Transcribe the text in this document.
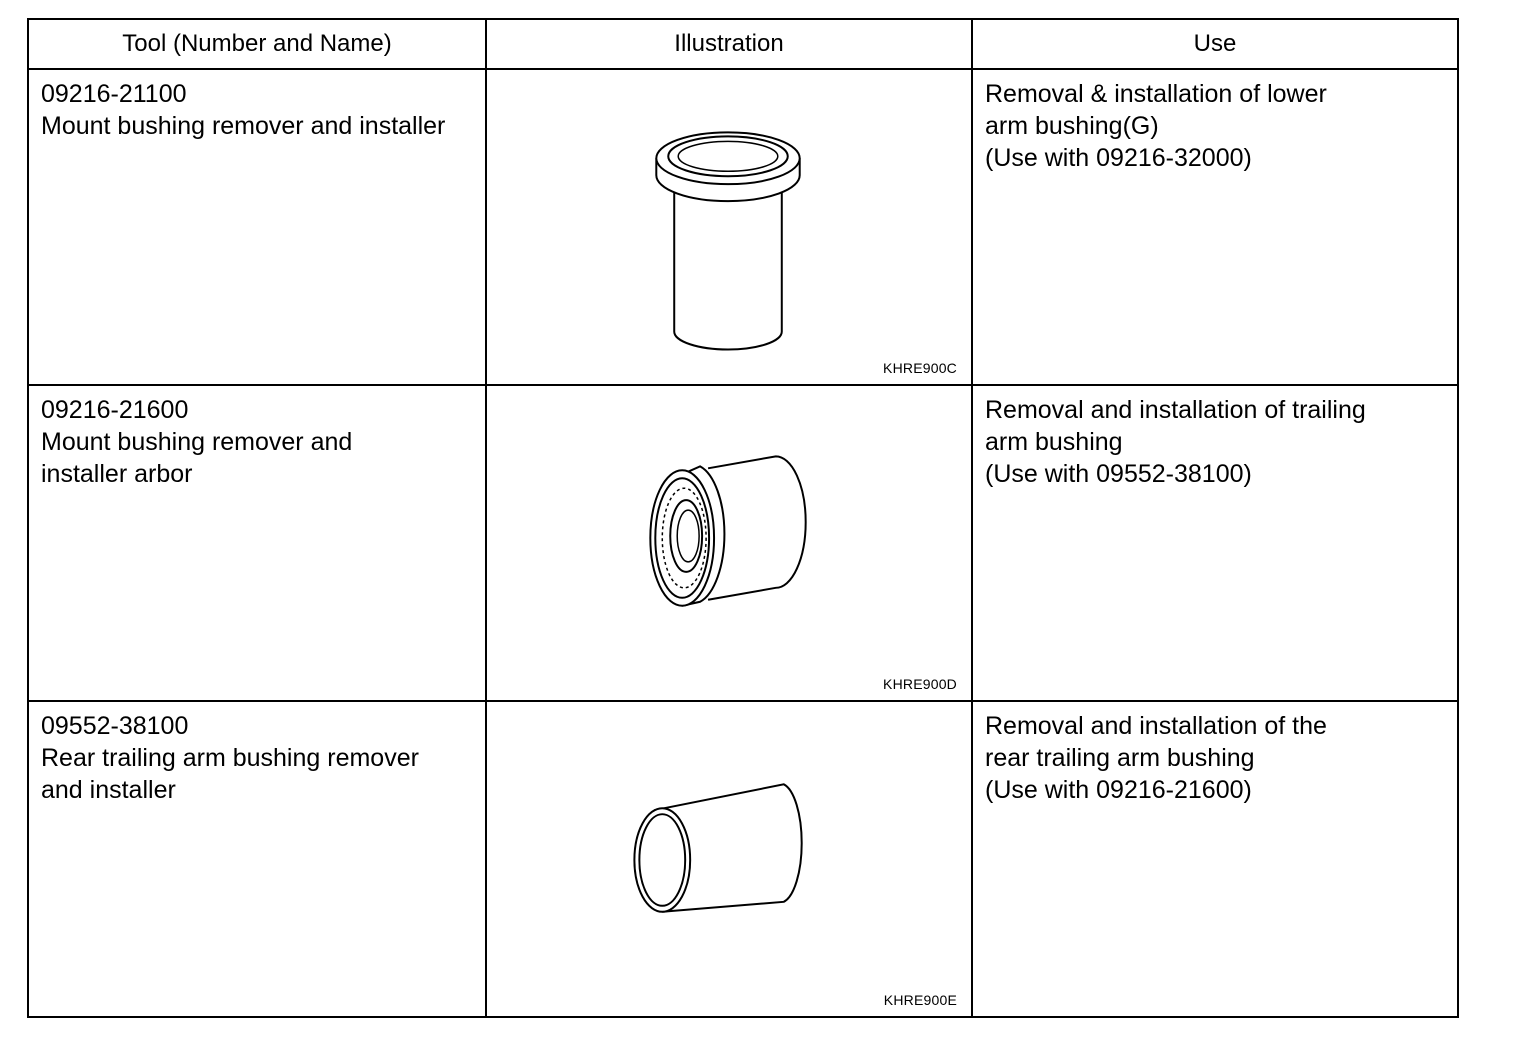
Tool (Number and Name)	Illustration	Use

09216-21100
Mount bushing remover and installer	KHRE900C	Removal & installation of lower
arm bushing(G)
(Use with 09216-32000)

09216-21600
Mount bushing remover and
installer arbor	KHRE900D	Removal and installation of trailing
arm bushing
(Use with 09552-38100)

09552-38100
Rear trailing arm bushing remover
and installer	KHRE900E	Removal and installation of the
rear trailing arm bushing
(Use with 09216-21600)
